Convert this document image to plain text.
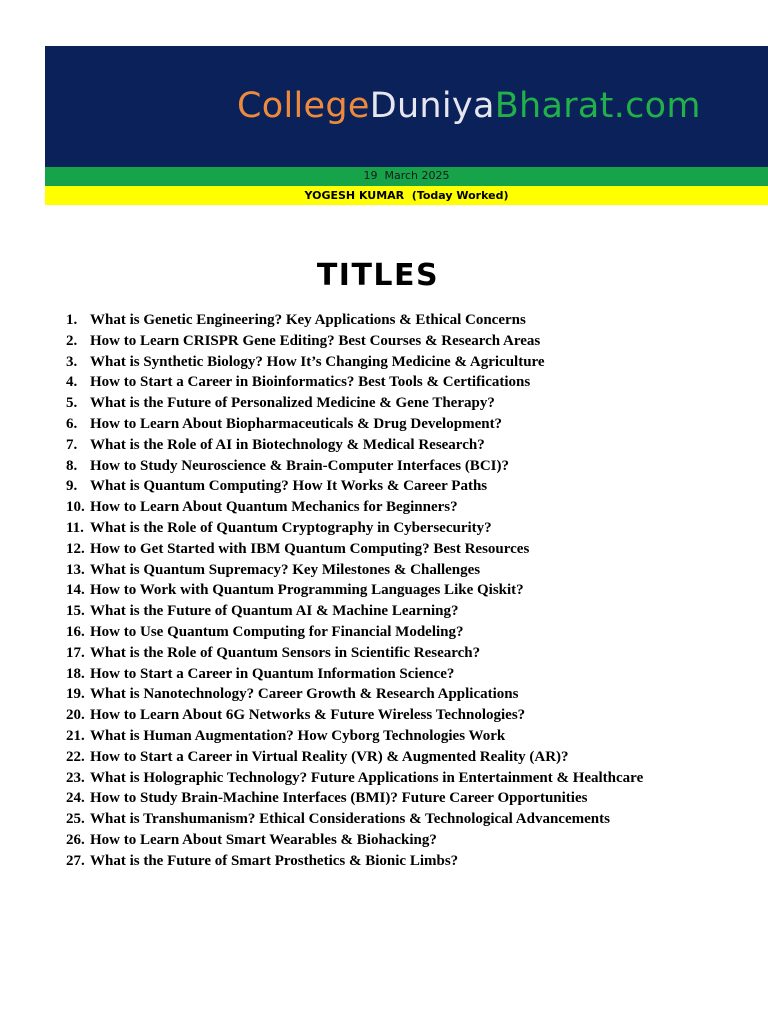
CollegeDuniyaBharat.com
19  March 2025
YOGESH KUMAR  (Today Worked)
TITLES
1. What is Genetic Engineering? Key Applications & Ethical Concerns
2. How to Learn CRISPR Gene Editing? Best Courses & Research Areas
3. What is Synthetic Biology? How It’s Changing Medicine & Agriculture
4. How to Start a Career in Bioinformatics? Best Tools & Certifications
5. What is the Future of Personalized Medicine & Gene Therapy?
6. How to Learn About Biopharmaceuticals & Drug Development?
7. What is the Role of AI in Biotechnology & Medical Research?
8. How to Study Neuroscience & Brain-Computer Interfaces (BCI)?
9. What is Quantum Computing? How It Works & Career Paths
10. How to Learn About Quantum Mechanics for Beginners?
11. What is the Role of Quantum Cryptography in Cybersecurity?
12. How to Get Started with IBM Quantum Computing? Best Resources
13. What is Quantum Supremacy? Key Milestones & Challenges
14. How to Work with Quantum Programming Languages Like Qiskit?
15. What is the Future of Quantum AI & Machine Learning?
16. How to Use Quantum Computing for Financial Modeling?
17. What is the Role of Quantum Sensors in Scientific Research?
18. How to Start a Career in Quantum Information Science?
19. What is Nanotechnology? Career Growth & Research Applications
20. How to Learn About 6G Networks & Future Wireless Technologies?
21. What is Human Augmentation? How Cyborg Technologies Work
22. How to Start a Career in Virtual Reality (VR) & Augmented Reality (AR)?
23. What is Holographic Technology? Future Applications in Entertainment & Healthcare
24. How to Study Brain-Machine Interfaces (BMI)? Future Career Opportunities
25. What is Transhumanism? Ethical Considerations & Technological Advancements
26. How to Learn About Smart Wearables & Biohacking?
27. What is the Future of Smart Prosthetics & Bionic Limbs?
